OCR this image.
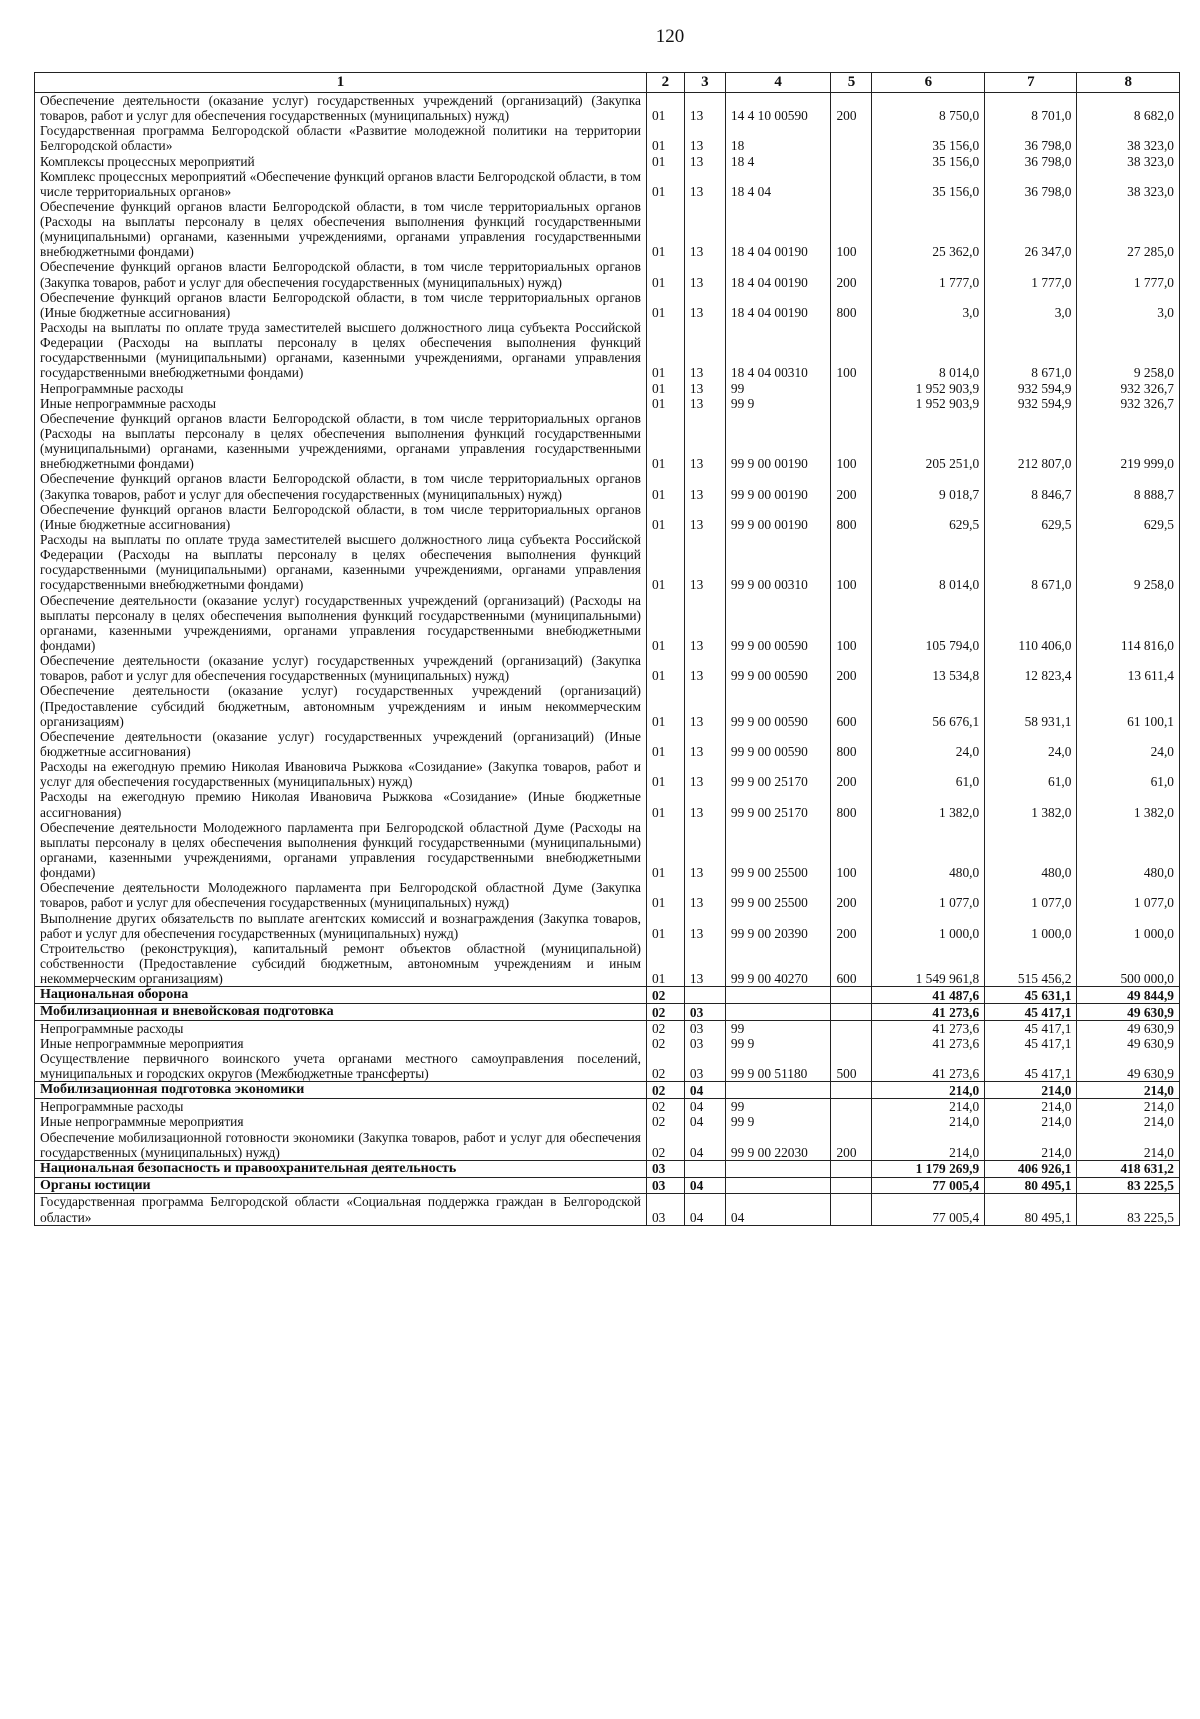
120
1	2	3	4	5	6	7	8
Обеспечение деятельности (оказание услуг) государственных учреждений (организаций) (Закупка товаров, работ и услуг для обеспечения государственных (муниципальных) нужд)	01	13	14 4 10 00590	200	8 750,0	8 701,0	8 682,0
Государственная программа Белгородской области «Развитие молодежной политики на территории Белгородской области»	01	13	18		35 156,0	36 798,0	38 323,0
Комплексы процессных мероприятий	01	13	18 4		35 156,0	36 798,0	38 323,0
Комплекс процессных мероприятий «Обеспечение функций органов власти Белгородской области, в том числе территориальных органов»	01	13	18 4 04		35 156,0	36 798,0	38 323,0
Обеспечение функций органов власти Белгородской области, в том числе территориальных органов (Расходы на выплаты персоналу в целях обеспечения выполнения функций государственными (муниципальными) органами, казенными учреждениями, органами управления государственными внебюджетными фондами)	01	13	18 4 04 00190	100	25 362,0	26 347,0	27 285,0
Обеспечение функций органов власти Белгородской области, в том числе территориальных органов (Закупка товаров, работ и услуг для обеспечения государственных (муниципальных) нужд)	01	13	18 4 04 00190	200	1 777,0	1 777,0	1 777,0
Обеспечение функций органов власти Белгородской области, в том числе территориальных органов (Иные бюджетные ассигнования)	01	13	18 4 04 00190	800	3,0	3,0	3,0
Расходы на выплаты по оплате труда заместителей высшего должностного лица субъекта Российской Федерации (Расходы на выплаты персоналу в целях обеспечения выполнения функций государственными (муниципальными) органами, казенными учреждениями, органами управления государственными внебюджетными фондами)	01	13	18 4 04 00310	100	8 014,0	8 671,0	9 258,0
Непрограммные расходы	01	13	99		1 952 903,9	932 594,9	932 326,7
Иные непрограммные расходы	01	13	99 9		1 952 903,9	932 594,9	932 326,7
Обеспечение функций органов власти Белгородской области, в том числе территориальных органов (Расходы на выплаты персоналу в целях обеспечения выполнения функций государственными (муниципальными) органами, казенными учреждениями, органами управления государственными внебюджетными фондами)	01	13	99 9 00 00190	100	205 251,0	212 807,0	219 999,0
Обеспечение функций органов власти Белгородской области, в том числе территориальных органов (Закупка товаров, работ и услуг для обеспечения государственных (муниципальных) нужд)	01	13	99 9 00 00190	200	9 018,7	8 846,7	8 888,7
Обеспечение функций органов власти Белгородской области, в том числе территориальных органов (Иные бюджетные ассигнования)	01	13	99 9 00 00190	800	629,5	629,5	629,5
Расходы на выплаты по оплате труда заместителей высшего должностного лица субъекта Российской Федерации (Расходы на выплаты персоналу в целях обеспечения выполнения функций государственными (муниципальными) органами, казенными учреждениями, органами управления государственными внебюджетными фондами)	01	13	99 9 00 00310	100	8 014,0	8 671,0	9 258,0
Обеспечение деятельности (оказание услуг) государственных учреждений (организаций) (Расходы на выплаты персоналу в целях обеспечения выполнения функций государственными (муниципальными) органами, казенными учреждениями, органами управления государственными внебюджетными фондами)	01	13	99 9 00 00590	100	105 794,0	110 406,0	114 816,0
Обеспечение деятельности (оказание услуг) государственных учреждений (организаций) (Закупка товаров, работ и услуг для обеспечения государственных (муниципальных) нужд)	01	13	99 9 00 00590	200	13 534,8	12 823,4	13 611,4
Обеспечение деятельности (оказание услуг) государственных учреждений (организаций) (Предоставление субсидий бюджетным, автономным учреждениям и иным некоммерческим организациям)	01	13	99 9 00 00590	600	56 676,1	58 931,1	61 100,1
Обеспечение деятельности (оказание услуг) государственных учреждений (организаций) (Иные бюджетные ассигнования)	01	13	99 9 00 00590	800	24,0	24,0	24,0
Расходы на ежегодную премию Николая Ивановича Рыжкова «Созидание» (Закупка товаров, работ и услуг для обеспечения государственных (муниципальных) нужд)	01	13	99 9 00 25170	200	61,0	61,0	61,0
Расходы на ежегодную премию Николая Ивановича Рыжкова «Созидание» (Иные бюджетные ассигнования)	01	13	99 9 00 25170	800	1 382,0	1 382,0	1 382,0
Обеспечение деятельности Молодежного парламента при Белгородской областной Думе (Расходы на выплаты персоналу в целях обеспечения выполнения функций государственными (муниципальными) органами, казенными учреждениями, органами управления государственными внебюджетными фондами)	01	13	99 9 00 25500	100	480,0	480,0	480,0
Обеспечение деятельности Молодежного парламента при Белгородской областной Думе (Закупка товаров, работ и услуг для обеспечения государственных (муниципальных) нужд)	01	13	99 9 00 25500	200	1 077,0	1 077,0	1 077,0
Выполнение других обязательств по выплате агентских комиссий и вознаграждения (Закупка товаров, работ и услуг для обеспечения государственных (муниципальных) нужд)	01	13	99 9 00 20390	200	1 000,0	1 000,0	1 000,0
Строительство (реконструкция), капитальный ремонт объектов областной (муниципальной) собственности (Предоставление субсидий бюджетным, автономным учреждениям и иным некоммерческим организациям)	01	13	99 9 00 40270	600	1 549 961,8	515 456,2	500 000,0
Национальная оборона	02				41 487,6	45 631,1	49 844,9
Мобилизационная и вневойсковая подготовка	02	03			41 273,6	45 417,1	49 630,9
Непрограммные расходы	02	03	99		41 273,6	45 417,1	49 630,9
Иные непрограммные мероприятия	02	03	99 9		41 273,6	45 417,1	49 630,9
Осуществление первичного воинского учета органами местного самоуправления поселений, муниципальных и городских округов (Межбюджетные трансферты)	02	03	99 9 00 51180	500	41 273,6	45 417,1	49 630,9
Мобилизационная подготовка экономики	02	04			214,0	214,0	214,0
Непрограммные расходы	02	04	99		214,0	214,0	214,0
Иные непрограммные мероприятия	02	04	99 9		214,0	214,0	214,0
Обеспечение мобилизационной готовности экономики (Закупка товаров, работ и услуг для обеспечения государственных (муниципальных) нужд)	02	04	99 9 00 22030	200	214,0	214,0	214,0
Национальная безопасность и правоохранительная деятельность	03				1 179 269,9	406 926,1	418 631,2
Органы юстиции	03	04			77 005,4	80 495,1	83 225,5
Государственная программа Белгородской области «Социальная поддержка граждан в Белгородской области»	03	04	04		77 005,4	80 495,1	83 225,5
